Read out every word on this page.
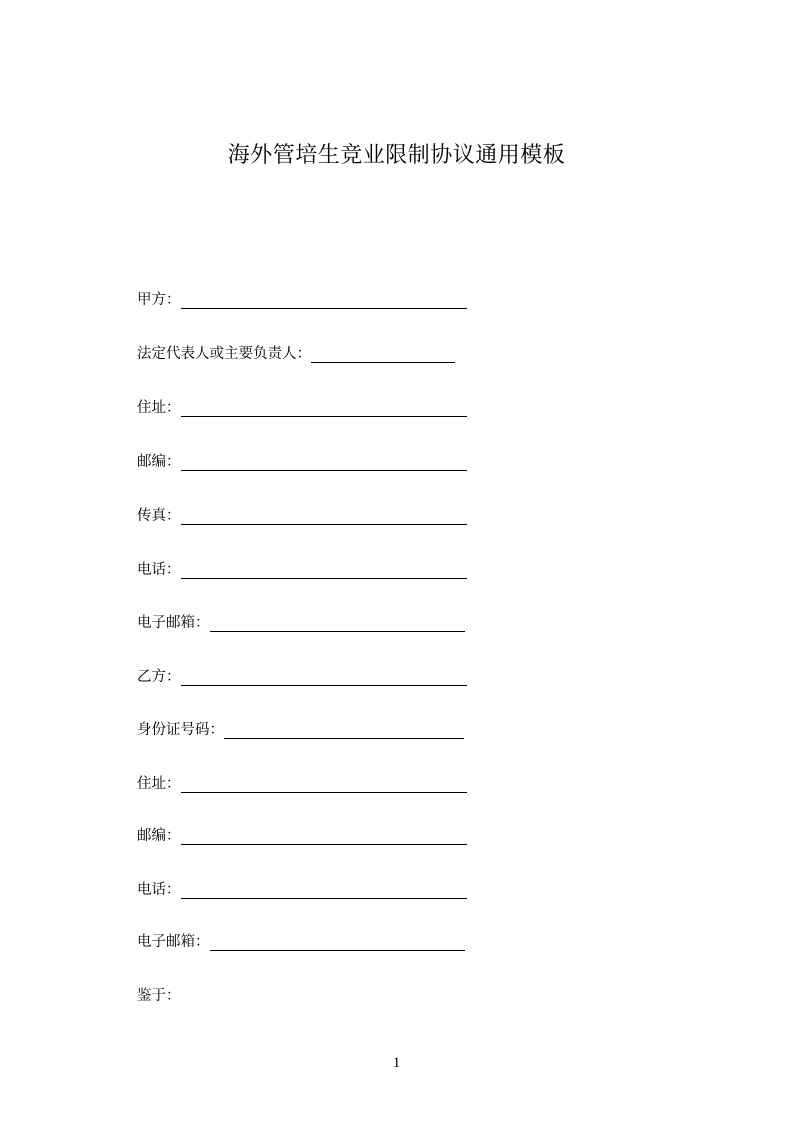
海外管培生竞业限制协议通用模板
甲方：
法定代表人或主要负责人：
住址：
邮编：
传真：
电话：
电子邮箱：
乙方：
身份证号码：
住址：
邮编：
电话：
电子邮箱：
鉴于：
1
